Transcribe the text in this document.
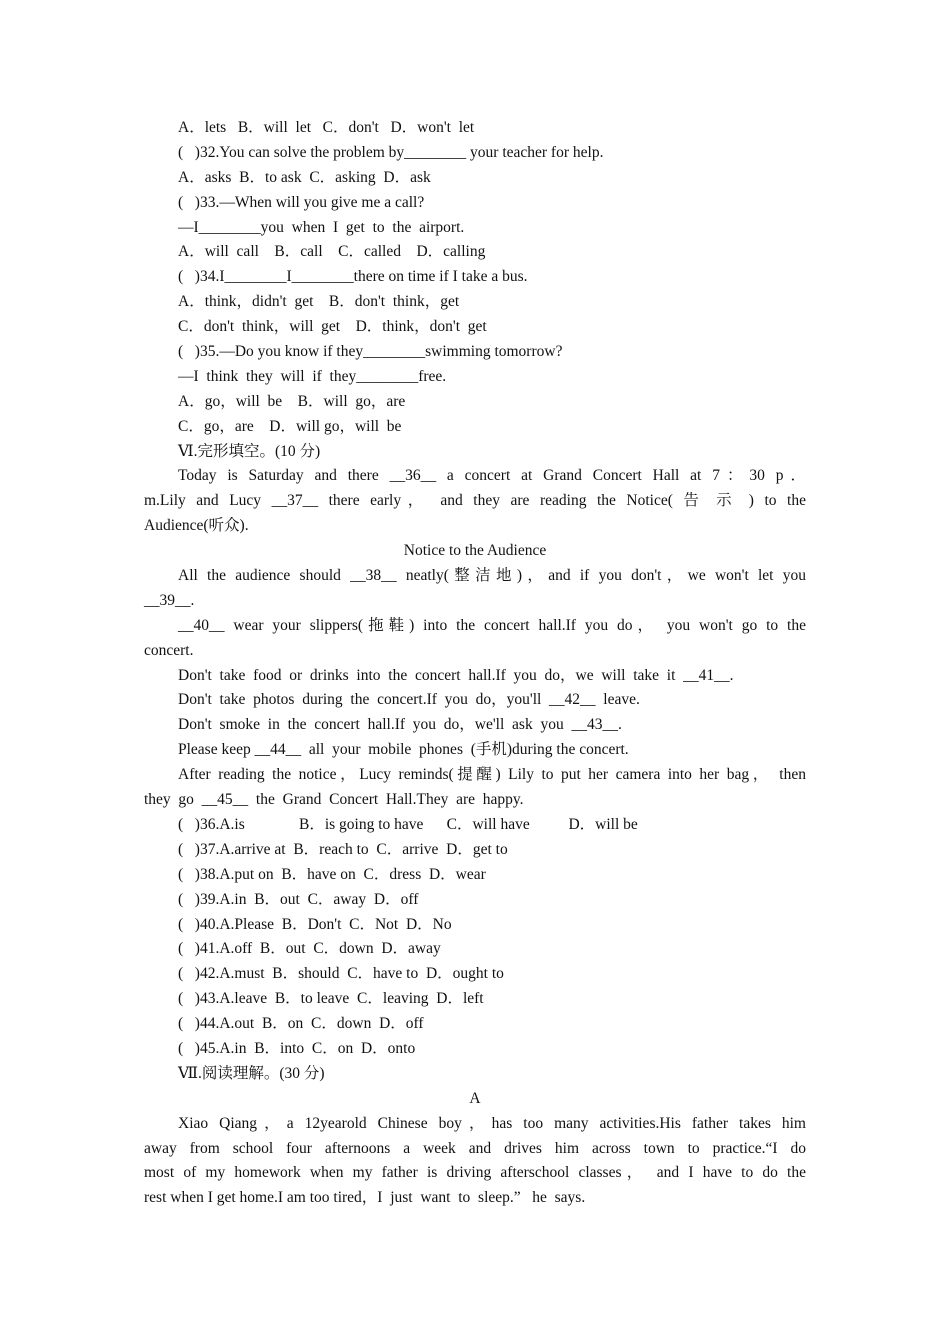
A．lets   B．will  let   C．don't   D．won't  let
(   )32.You can solve the problem by________ your teacher for help.
A．asks  B．to ask  C．asking  D．ask
(   )33.—When will you give me a call?
—I________you  when  I  get  to  the  airport.
A．will  call    B．call    C．called    D．calling
(   )34.I________I________there on time if I take a bus.
A．think，didn't  get    B．don't  think，get
C．don't  think，will  get    D．think，don't  get
(   )35.—Do you know if they________swimming tomorrow?
—I  think  they  will  if  they________free.
A．go，will  be    B．will  go，are
C．go，are    D．will go，will  be
Ⅵ.完形填空。(10 分)
Today is Saturday and there __36__ a concert at Grand Concert Hall at 7：30 p．
m.Lily and Lucy __37__ there early， and they are reading the Notice( 告 示 ) to the
Audience(听众).
Notice to the Audience
All the audience should __38__ neatly(整洁地)，and if you don't，we won't let you
__39__.
__40__ wear your slippers(拖鞋) into the concert hall.If you do， you won't go to the
concert.
Don't  take  food  or  drinks  into  the  concert  hall.If  you  do，we  will  take  it  __41__.
Don't  take  photos  during  the  concert.If  you  do，you'll  __42__  leave.
Don't  smoke  in  the  concert  hall.If  you  do，we'll  ask  you  __43__.
Please keep __44__  all  your  mobile  phones  (手机)during the concert.
After reading the notice，Lucy reminds(提醒) Lily to put her camera into her bag， then
they  go  __45__  the  Grand  Concert  Hall.They  are  happy.
(   )36.A.is              B．is going to have      C．will have          D．will be
(   )37.A.arrive at  B．reach to  C．arrive  D．get to
(   )38.A.put on  B．have on  C．dress  D．wear
(   )39.A.in  B．out  C．away  D．off
(   )40.A.Please  B．Don't  C．Not  D．No
(   )41.A.off  B．out  C．down  D．away
(   )42.A.must  B．should  C．have to  D．ought to
(   )43.A.leave  B．to leave  C．leaving  D．left
(   )44.A.out  B．on  C．down  D．off
(   )45.A.in  B．into  C．on  D．onto
Ⅶ.阅读理解。(30 分)
A
Xiao Qiang，a 12yearold Chinese boy，has too many activities.His father takes him
away from school four afternoons a week and drives him across town to practice.“I do
most of my homework when my father is driving afterschool classes， and I have to do the
rest when I get home.I am too tired，I  just  want  to  sleep.”   he  says.
